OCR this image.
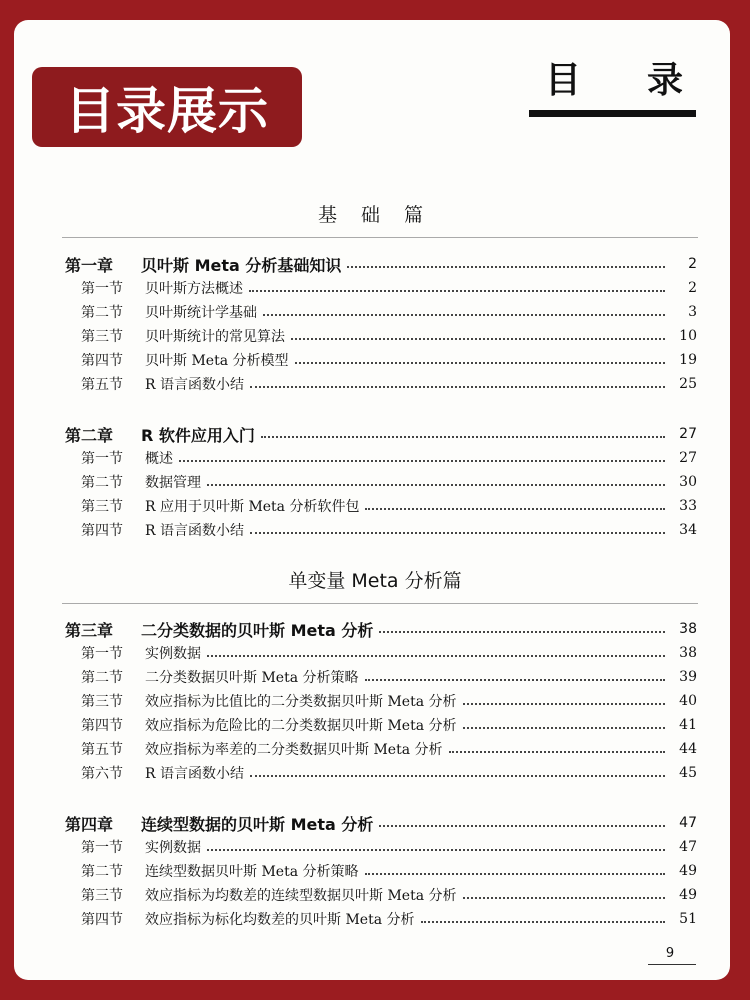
目录展示
目 录
基 础 篇
第一章	贝叶斯 Meta 分析基础知识	2
第一节	贝叶斯方法概述	2
第二节	贝叶斯统计学基础	3
第三节	贝叶斯统计的常见算法	10
第四节	贝叶斯 Meta 分析模型	19
第五节	R 语言函数小结	25
第二章	R 软件应用入门	27
第一节	概述	27
第二节	数据管理	30
第三节	R 应用于贝叶斯 Meta 分析软件包	33
第四节	R 语言函数小结	34
单变量 Meta 分析篇
第三章	二分类数据的贝叶斯 Meta 分析	38
第一节	实例数据	38
第二节	二分类数据贝叶斯 Meta 分析策略	39
第三节	效应指标为比值比的二分类数据贝叶斯 Meta 分析	40
第四节	效应指标为危险比的二分类数据贝叶斯 Meta 分析	41
第五节	效应指标为率差的二分类数据贝叶斯 Meta 分析	44
第六节	R 语言函数小结	45
第四章	连续型数据的贝叶斯 Meta 分析	47
第一节	实例数据	47
第二节	连续型数据贝叶斯 Meta 分析策略	49
第三节	效应指标为均数差的连续型数据贝叶斯 Meta 分析	49
第四节	效应指标为标化均数差的贝叶斯 Meta 分析	51
9
